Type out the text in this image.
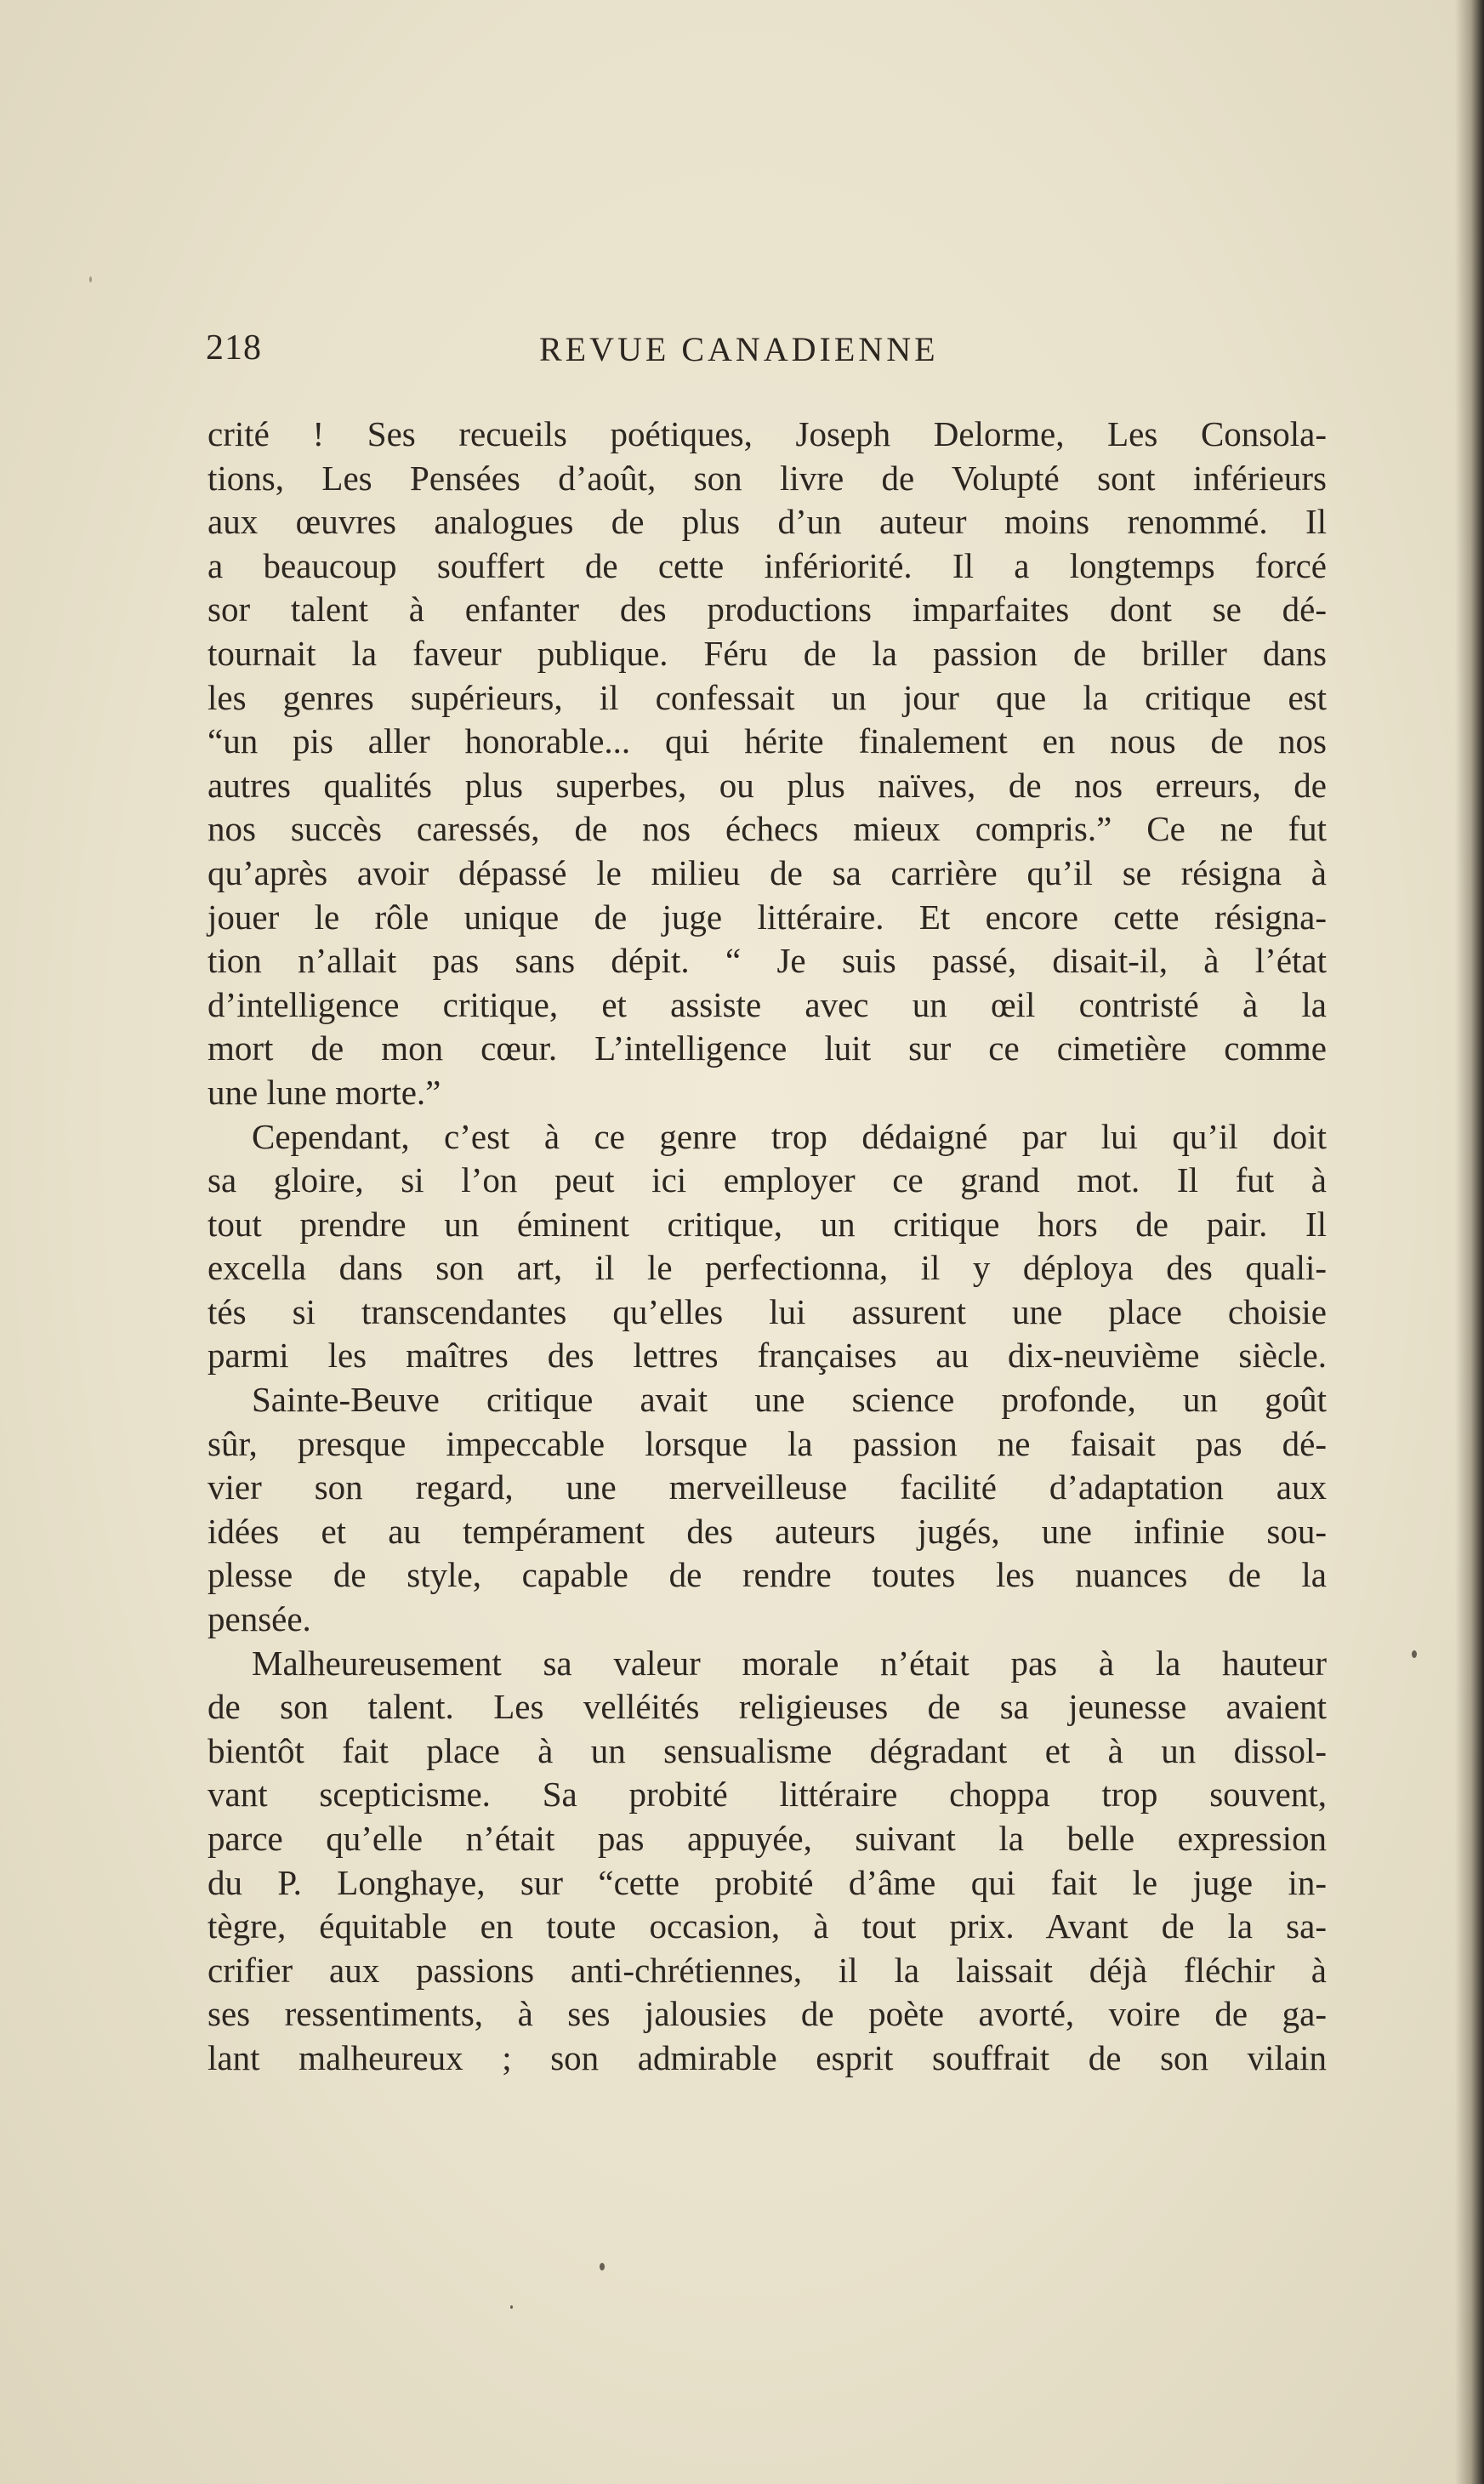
218	REVUE CANADIENNE
crité ! Ses recueils poétiques, Joseph Delorme, Les Consola-
tions, Les Pensées d’août, son livre de Volupté sont inférieurs
aux œuvres analogues de plus d’un auteur moins renommé. Il
a beaucoup souffert de cette infériorité. Il a longtemps forcé
sor talent à enfanter des productions imparfaites dont se dé-
tournait la faveur publique. Féru de la passion de briller dans
les genres supérieurs, il confessait un jour que la critique est
“un pis aller honorable... qui hérite finalement en nous de nos
autres qualités plus superbes, ou plus naïves, de nos erreurs, de
nos succès caressés, de nos échecs mieux compris.” Ce ne fut
qu’après avoir dépassé le milieu de sa carrière qu’il se résigna à
jouer le rôle unique de juge littéraire. Et encore cette résigna-
tion n’allait pas sans dépit. “ Je suis passé, disait-il, à l’état
d’intelligence critique, et assiste avec un œil contristé à la
mort de mon cœur. L’intelligence luit sur ce cimetière comme
une lune morte.”
Cependant, c’est à ce genre trop dédaigné par lui qu’il doit
sa gloire, si l’on peut ici employer ce grand mot. Il fut à
tout prendre un éminent critique, un critique hors de pair. Il
excella dans son art, il le perfectionna, il y déploya des quali-
tés si transcendantes qu’elles lui assurent une place choisie
parmi les maîtres des lettres françaises au dix-neuvième siècle.
Sainte-Beuve critique avait une science profonde, un goût
sûr, presque impeccable lorsque la passion ne faisait pas dé-
vier son regard, une merveilleuse facilité d’adaptation aux
idées et au tempérament des auteurs jugés, une infinie sou-
plesse de style, capable de rendre toutes les nuances de la
pensée.
Malheureusement sa valeur morale n’était pas à la hauteur
de son talent. Les velléités religieuses de sa jeunesse avaient
bientôt fait place à un sensualisme dégradant et à un dissol-
vant scepticisme. Sa probité littéraire choppa trop souvent,
parce qu’elle n’était pas appuyée, suivant la belle expression
du P. Longhaye, sur “cette probité d’âme qui fait le juge in-
tègre, équitable en toute occasion, à tout prix. Avant de la sa-
crifier aux passions anti-chrétiennes, il la laissait déjà fléchir à
ses ressentiments, à ses jalousies de poète avorté, voire de ga-
lant malheureux ; son admirable esprit souffrait de son vilain
